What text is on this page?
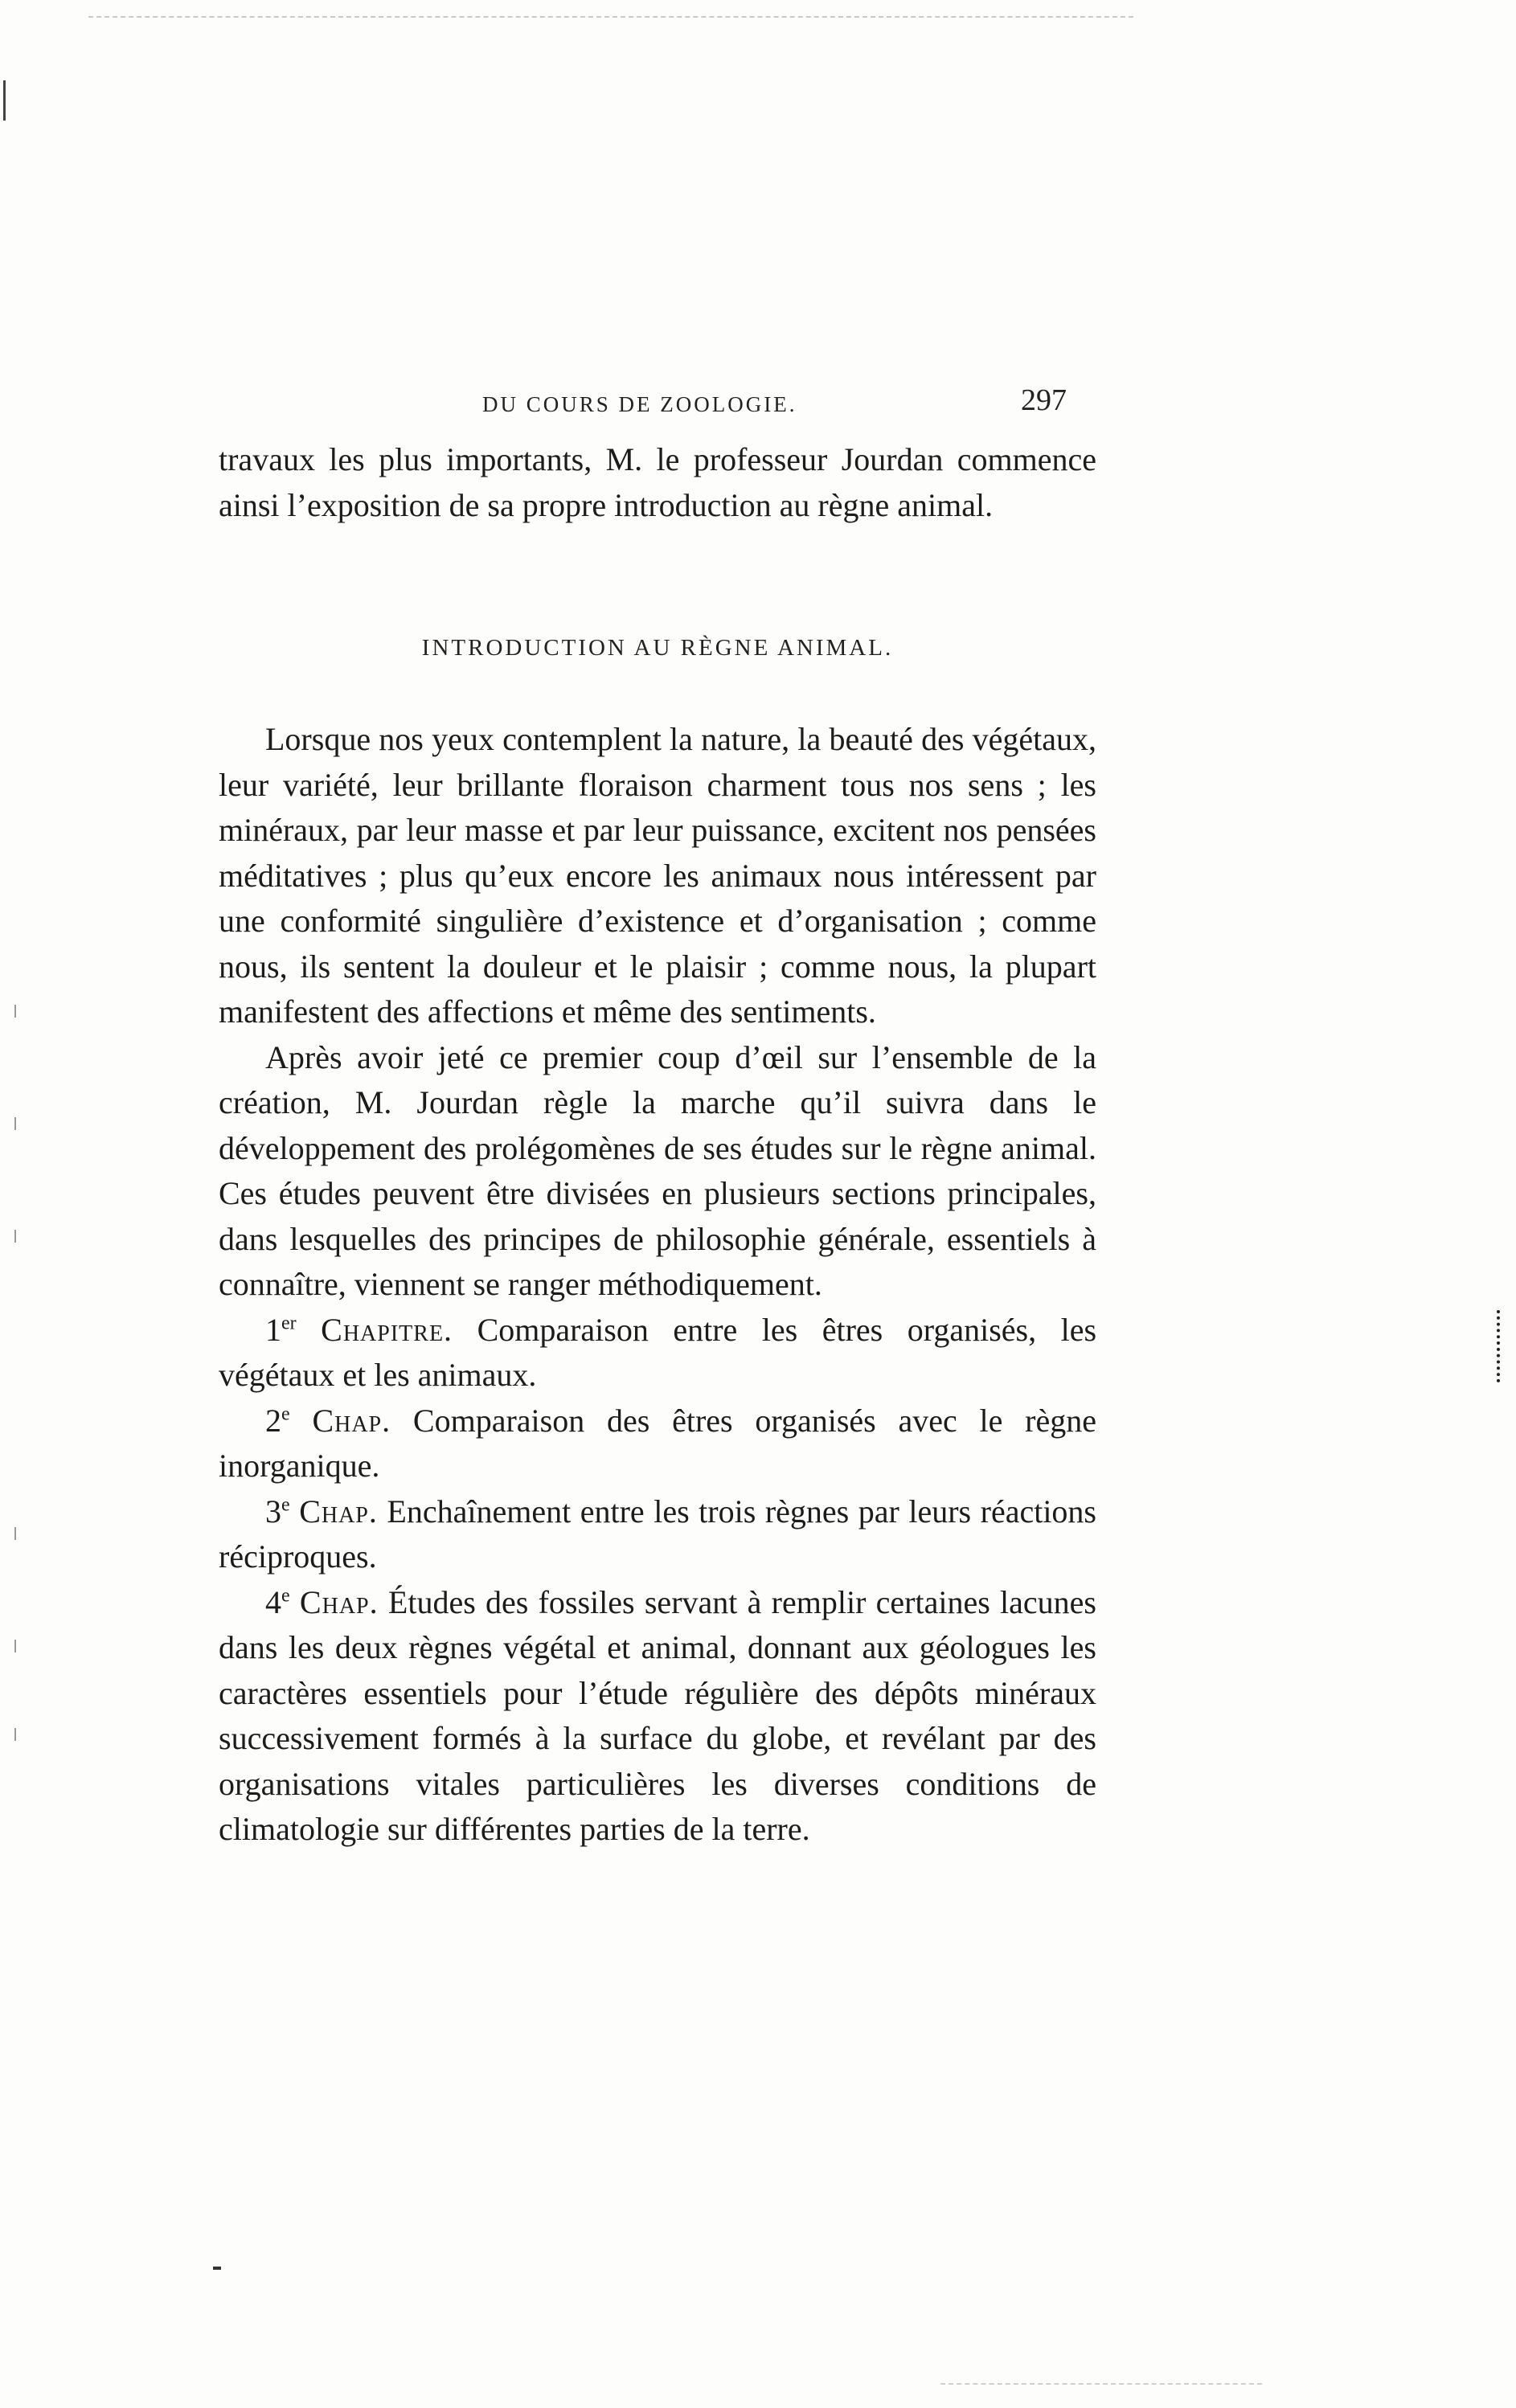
DU COURS DE ZOOLOGIE.	297

travaux les plus importants, M. le professeur Jourdan commence ainsi l’exposition de sa propre introduction au règne animal.

INTRODUCTION AU RÈGNE ANIMAL.

Lorsque nos yeux contemplent la nature, la beauté des végétaux, leur variété, leur brillante floraison charment tous nos sens ; les minéraux, par leur masse et par leur puissance, excitent nos pensées méditatives ; plus qu’eux encore les animaux nous intéressent par une conformité singulière d’existence et d’organisation ; comme nous, ils sentent la douleur et le plaisir ; comme nous, la plupart manifestent des affections et même des sentiments.

Après avoir jeté ce premier coup d’œil sur l’ensemble de la création, M. Jourdan règle la marche qu’il suivra dans le développement des prolégomènes de ses études sur le règne animal. Ces études peuvent être divisées en plusieurs sections principales, dans lesquelles des principes de philosophie générale, essentiels à connaître, viennent se ranger méthodiquement.

1er Chapitre. Comparaison entre les êtres organisés, les végétaux et les animaux.

2e Chap. Comparaison des êtres organisés avec le règne inorganique.

3e Chap. Enchaînement entre les trois règnes par leurs réactions réciproques.

4e Chap. Études des fossiles servant à remplir certaines lacunes dans les deux règnes végétal et animal, donnant aux géologues les caractères essentiels pour l’étude régulière des dépôts minéraux successivement formés à la surface du globe, et revélant par des organisations vitales particulières les diverses conditions de climatologie sur différentes parties de la terre.
